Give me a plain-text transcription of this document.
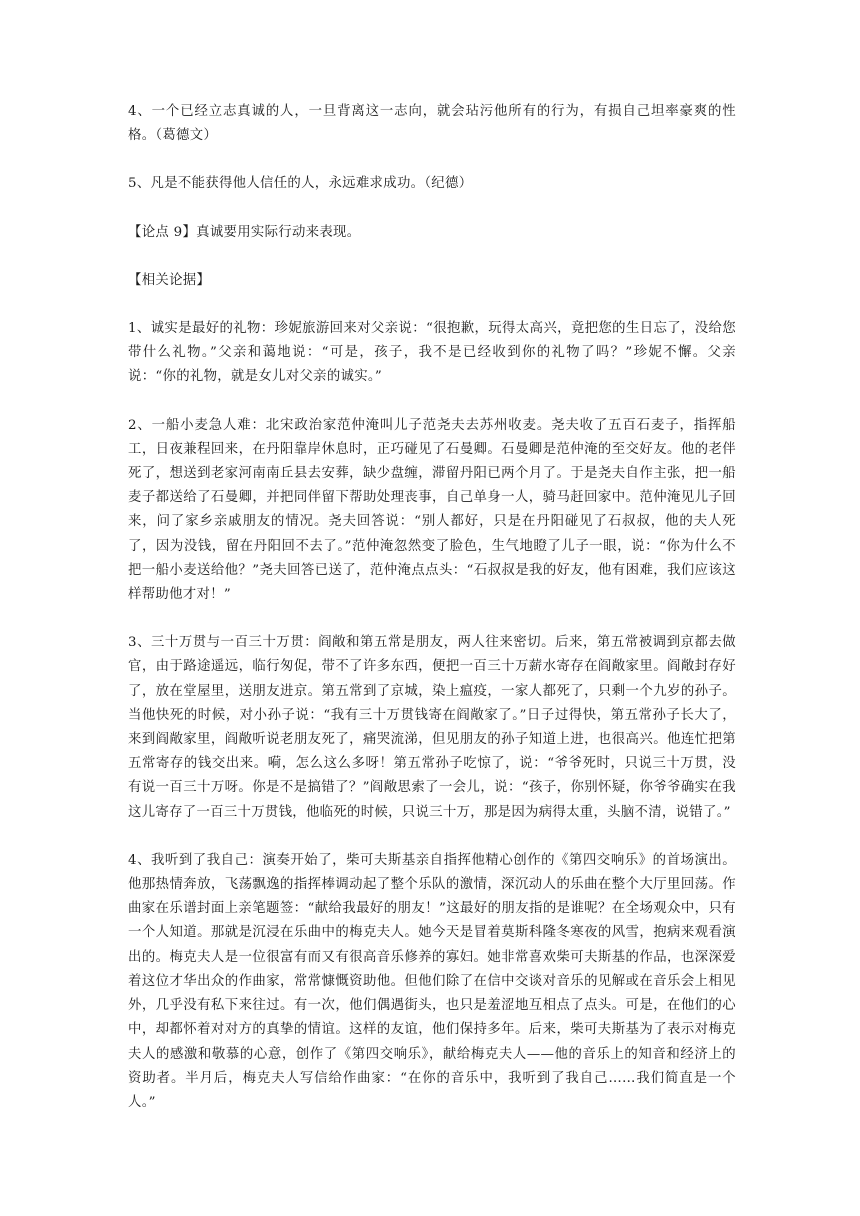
4、一个已经立志真诚的人，一旦背离这一志向，就会玷污他所有的行为，有损自己坦率豪爽的性格。（葛德文）

5、凡是不能获得他人信任的人，永远难求成功。（纪德）

【论点 9】真诚要用实际行动来表现。

【相关论据】

1、诚实是最好的礼物：珍妮旅游回来对父亲说：“很抱歉，玩得太高兴，竟把您的生日忘了，没给您带什么礼物。”父亲和蔼地说：“可是，孩子，我不是已经收到你的礼物了吗？”珍妮不懈。父亲说：“你的礼物，就是女儿对父亲的诚实。”

2、一船小麦急人难：北宋政治家范仲淹叫儿子范尧夫去苏州收麦。尧夫收了五百石麦子，指挥船工，日夜兼程回来，在丹阳靠岸休息时，正巧碰见了石曼卿。石曼卿是范仲淹的至交好友。他的老伴死了，想送到老家河南南丘县去安葬，缺少盘缠，滞留丹阳已两个月了。于是尧夫自作主张，把一船麦子都送给了石曼卿，并把同伴留下帮助处理丧事，自己单身一人，骑马赶回家中。范仲淹见儿子回来，问了家乡亲戚朋友的情况。尧夫回答说：“别人都好，只是在丹阳碰见了石叔叔，他的夫人死了，因为没钱，留在丹阳回不去了。”范仲淹忽然变了脸色，生气地瞪了儿子一眼，说：“你为什么不把一船小麦送给他？”尧夫回答已送了，范仲淹点点头：“石叔叔是我的好友，他有困难，我们应该这样帮助他才对！”

3、三十万贯与一百三十万贯：阎敞和第五常是朋友，两人往来密切。后来，第五常被调到京都去做官，由于路途遥远，临行匆促，带不了许多东西，便把一百三十万薪水寄存在阎敞家里。阎敞封存好了，放在堂屋里，送朋友进京。第五常到了京城，染上瘟疫，一家人都死了，只剩一个九岁的孙子。当他快死的时候，对小孙子说：“我有三十万贯钱寄在阎敞家了。”日子过得快，第五常孙子长大了，来到阎敞家里，阎敞听说老朋友死了，痛哭流涕，但见朋友的孙子知道上进，也很高兴。他连忙把第五常寄存的钱交出来。嗬，怎么这么多呀！第五常孙子吃惊了，说：“爷爷死时，只说三十万贯，没有说一百三十万呀。你是不是搞错了？”阎敞思索了一会儿，说：“孩子，你别怀疑，你爷爷确实在我这儿寄存了一百三十万贯钱，他临死的时候，只说三十万，那是因为病得太重，头脑不清，说错了。”

4、我听到了我自己：演奏开始了，柴可夫斯基亲自指挥他精心创作的《第四交响乐》的首场演出。他那热情奔放，飞荡飘逸的指挥棒调动起了整个乐队的激情，深沉动人的乐曲在整个大厅里回荡。作曲家在乐谱封面上亲笔题签：“献给我最好的朋友！”这最好的朋友指的是谁呢？在全场观众中，只有一个人知道。那就是沉浸在乐曲中的梅克夫人。她今天是冒着莫斯科隆冬寒夜的风雪，抱病来观看演出的。梅克夫人是一位很富有而又有很高音乐修养的寡妇。她非常喜欢柴可夫斯基的作品，也深深爱着这位才华出众的作曲家，常常慷慨资助他。但他们除了在信中交谈对音乐的见解或在音乐会上相见外，几乎没有私下来往过。有一次，他们偶遇街头，也只是羞涩地互相点了点头。可是，在他们的心中，却都怀着对对方的真挚的情谊。这样的友谊，他们保持多年。后来，柴可夫斯基为了表示对梅克夫人的感激和敬慕的心意，创作了《第四交响乐》，献给梅克夫人——他的音乐上的知音和经济上的资助者。半月后，梅克夫人写信给作曲家：“在你的音乐中，我听到了我自己……我们简直是一个人。”
